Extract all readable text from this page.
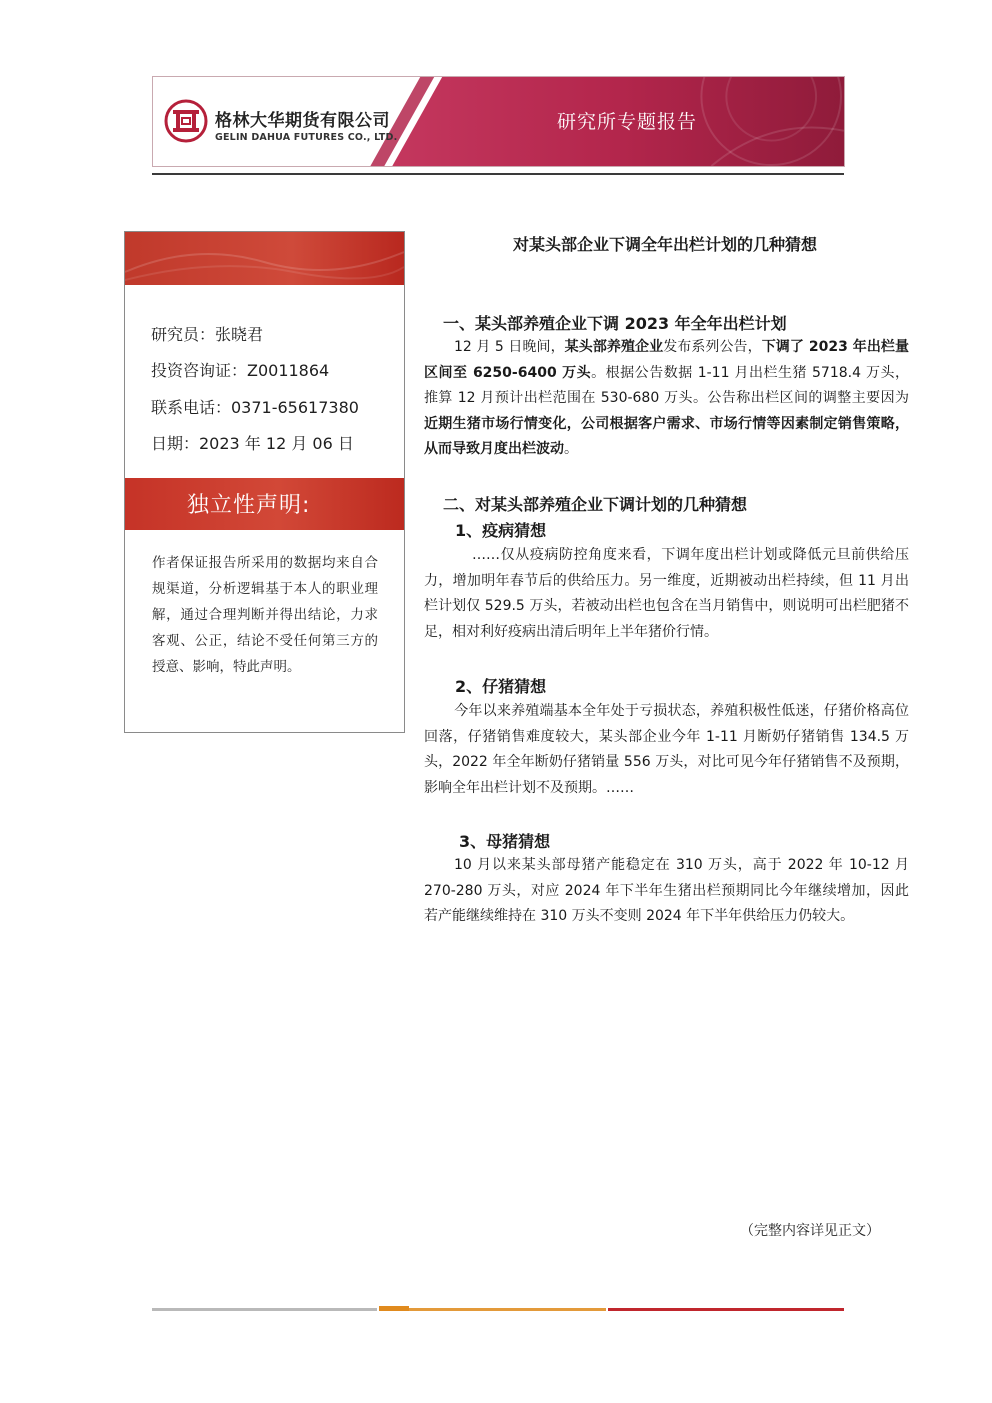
格林大华期货有限公司
GELIN DAHUA FUTURES CO., LTD.
研究所专题报告
研究员：张晓君
投资咨询证：Z0011864
联系电话：0371-65617380
日期：2023 年 12 月 06 日
独立性声明:
作者保证报告所采用的数据均来自合规渠道，分析逻辑基于本人的职业理解，通过合理判断并得出结论，力求客观、公正，结论不受任何第三方的授意、影响，特此声明。
对某头部企业下调全年出栏计划的几种猜想
一、某头部养殖企业下调 2023 年全年出栏计划
12 月 5 日晚间，某头部养殖企业发布系列公告，下调了 2023 年出栏量区间至 6250-6400 万头。根据公告数据 1-11 月出栏生猪 5718.4 万头，推算 12 月预计出栏范围在 530-680 万头。公告称出栏区间的调整主要因为近期生猪市场行情变化，公司根据客户需求、市场行情等因素制定销售策略，从而导致月度出栏波动。
二、对某头部养殖企业下调计划的几种猜想
1、疫病猜想
……仅从疫病防控角度来看，下调年度出栏计划或降低元旦前供给压力，增加明年春节后的供给压力。另一维度，近期被动出栏持续，但 11 月出栏计划仅 529.5 万头，若被动出栏也包含在当月销售中，则说明可出栏肥猪不足，相对利好疫病出清后明年上半年猪价行情。
2、仔猪猜想
今年以来养殖端基本全年处于亏损状态，养殖积极性低迷，仔猪价格高位回落，仔猪销售难度较大，某头部企业今年 1-11 月断奶仔猪销售 134.5 万头，2022 年全年断奶仔猪销量 556 万头，对比可见今年仔猪销售不及预期，影响全年出栏计划不及预期。……
3、母猪猜想
10 月以来某头部母猪产能稳定在 310 万头，高于 2022 年 10-12 月 270-280 万头，对应 2024 年下半年生猪出栏预期同比今年继续增加，因此若产能继续维持在 310 万头不变则 2024 年下半年供给压力仍较大。
（完整内容详见正文）
